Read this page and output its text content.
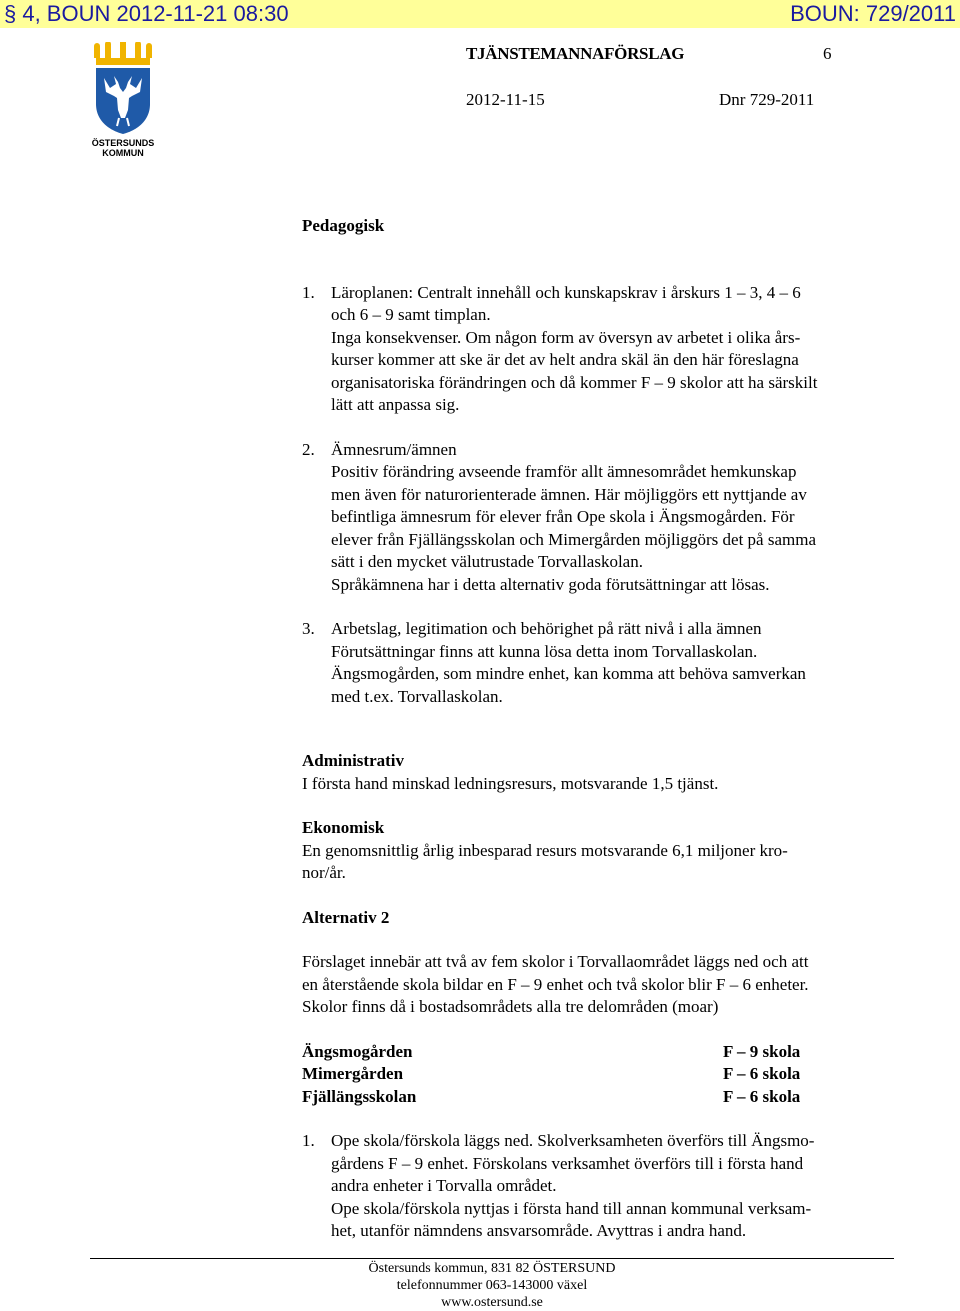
§ 4, BOUN 2012-11-21 08:30	BOUN: 729/2011
ÖSTERSUNDS
KOMMUN
TJÄNSTEMANNAFÖRSLAG	6
2012-11-15	Dnr 729-2011

Pedagogisk

1. Läroplanen: Centralt innehåll och kunskapskrav i årskurs 1 – 3, 4 – 6

och 6 – 9 samt timplan.

Inga konsekvenser. Om någon form av översyn av arbetet i olika års-

kurser kommer att ske är det av helt andra skäl än den här föreslagna

organisatoriska förändringen och då kommer F – 9 skolor att ha särskilt

lätt att anpassa sig.

2. Ämnesrum/ämnen

Positiv förändring avseende framför allt ämnesområdet hemkunskap

men även för naturorienterade ämnen. Här möjliggörs ett nyttjande av

befintliga ämnesrum för elever från Ope skola i Ängsmogården. För

elever från Fjällängsskolan och Mimergården möjliggörs det på samma

sätt i den mycket välutrustade Torvallaskolan.

Språkämnena har i detta alternativ goda förutsättningar att lösas.

3. Arbetslag, legitimation och behörighet på rätt nivå i alla ämnen

Förutsättningar finns att kunna lösa detta inom Torvallaskolan.

Ängsmogården, som mindre enhet, kan komma att behöva samverkan

med t.ex. Torvallaskolan.

Administrativ

I första hand minskad ledningsresurs, motsvarande 1,5 tjänst.

Ekonomisk

En genomsnittlig årlig inbesparad resurs motsvarande 6,1 miljoner kro-

nor/år.

Alternativ 2

Förslaget innebär att två av fem skolor i Torvallaområdet läggs ned och att

en återstående skola bildar en F – 9 enhet och två skolor blir F – 6 enheter.

Skolor finns då i bostadsområdets alla tre delområden (moar)

Ängsmogården	F – 9 skola
Mimergården	F – 6 skola
Fjällängsskolan	F – 6 skola
1. Ope skola/förskola läggs ned. Skolverksamheten överförs till Ängsmo-

gårdens F – 9 enhet. Förskolans verksamhet överförs till i första hand

andra enheter i Torvalla området.

Ope skola/förskola nyttjas i första hand till annan kommunal verksam-

het, utanför nämndens ansvarsområde. Avyttras i andra hand.

Östersunds kommun, 831 82 ÖSTERSUND
telefonnummer 063-143000 växel
www.ostersund.se
